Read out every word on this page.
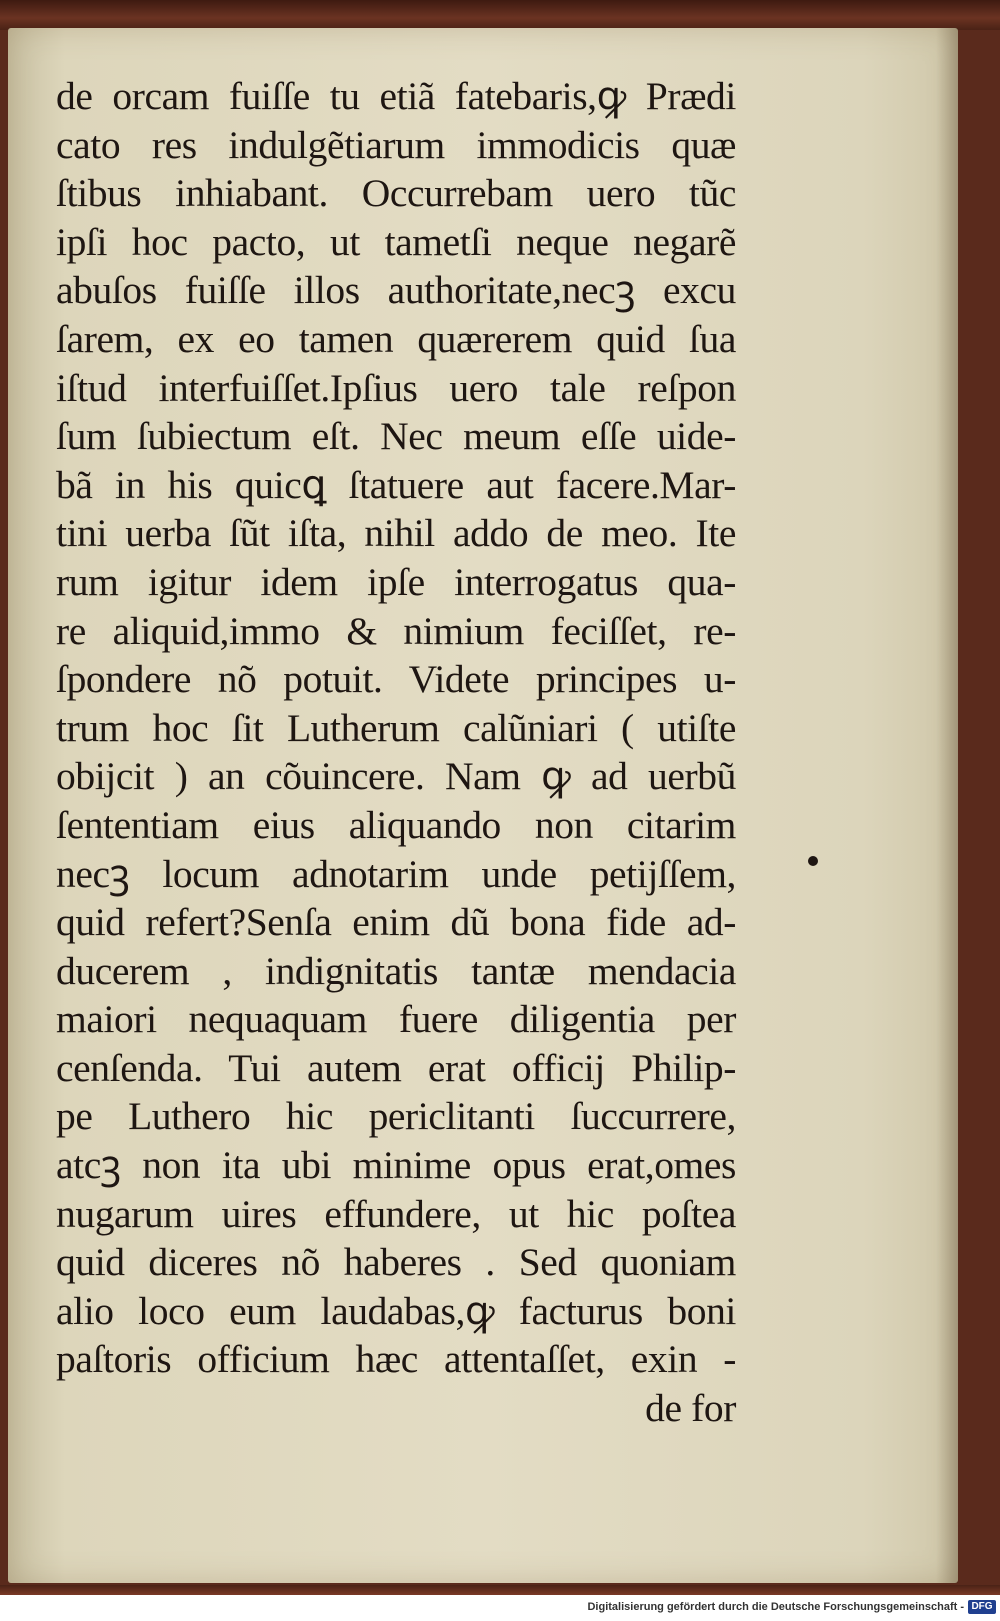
de orcam fuiſſe tu etiã fatebaris,ꝙ Prædi
cato res indulgẽtiarum immodicis quæ
ſtibus inhiabant. Occurrebam uero tũc
ipſi hoc pacto, ut tametſi neque negarẽ
abuſos fuiſſe illos authoritate,necꝫ excu
ſarem, ex eo tamen quærerem quid ſua
iſtud interfuiſſet.Ipſius uero tale reſpon
ſum ſubiectum eſt. Nec meum eſſe uide-
bã in his quicꝗ ſtatuere aut facere.Mar-
tini uerba ſũt iſta, nihil addo de meo. Ite
rum igitur idem ipſe interrogatus qua-
re aliquid,immo & nimium feciſſet, re-
ſpondere nõ potuit. Videte principes u-
trum hoc ſit Lutherum calũniari ( utiſte
obijcit ) an cõuincere. Nam ꝙ ad uerbũ
ſententiam eius aliquando non citarim
necꝫ locum adnotarim unde petijſſem,
quid refert?Senſa enim dũ bona fide ad-
ducerem , indignitatis tantæ mendacia
maiori nequaquam fuere diligentia per
cenſenda. Tui autem erat officij Philip-
pe Luthero hic periclitanti ſuccurrere,
atcꝫ non ita ubi minime opus erat,omes
nugarum uires effundere, ut hic poſtea
quid diceres nõ haberes . Sed quoniam
alio loco eum laudabas,ꝙ facturus boni
paſtoris officium hæc attentaſſet, exin -
de for
Digitalisierung gefördert durch die Deutsche Forschungsgemeinschaft - DFG
